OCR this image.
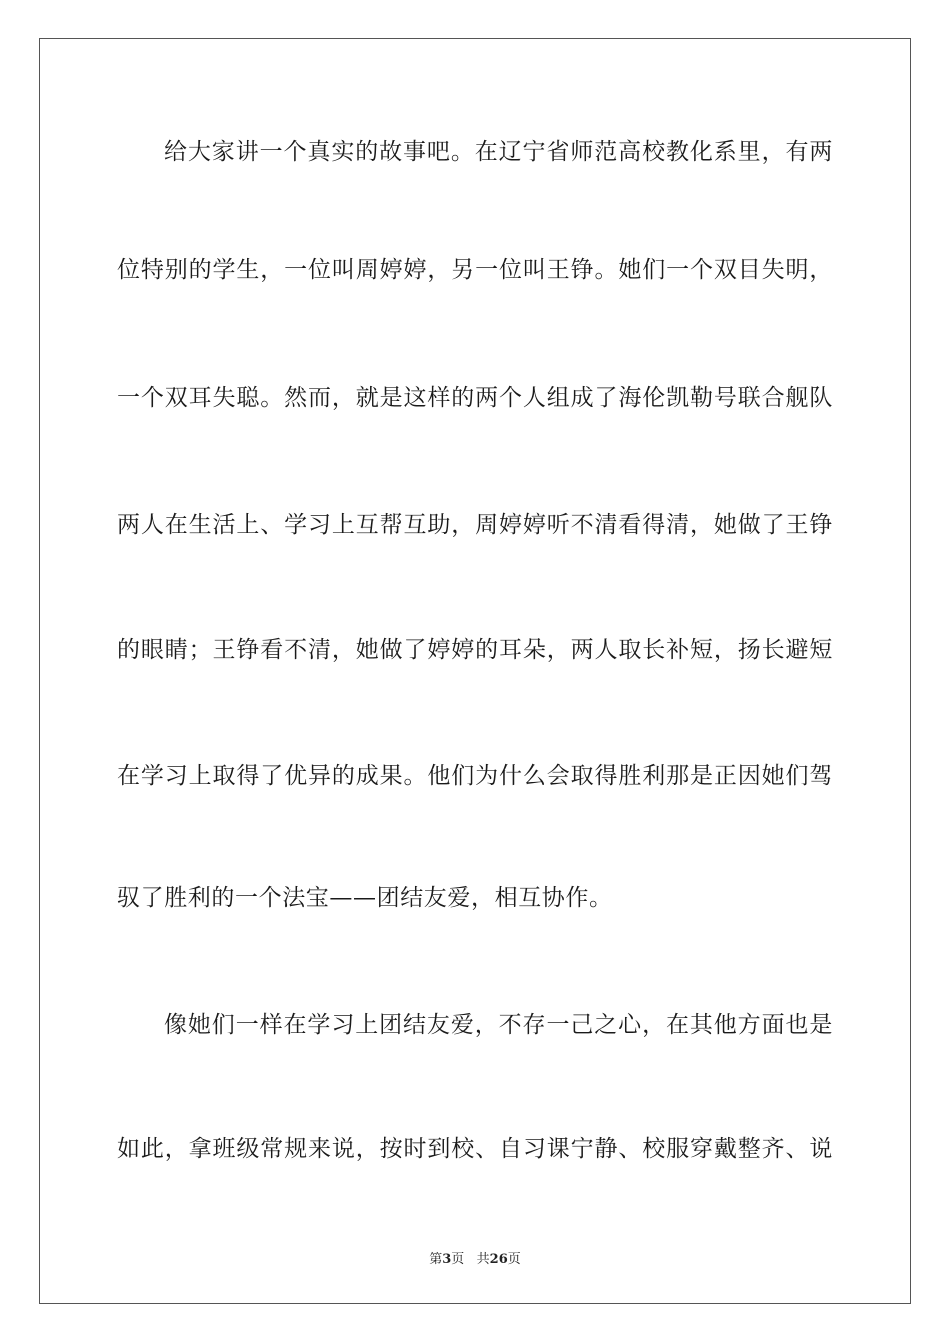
给大家讲一个真实的故事吧。在辽宁省师范高校教化系里，有两
位特别的学生，一位叫周婷婷，另一位叫王铮。她们一个双目失明，
一个双耳失聪。然而，就是这样的两个人组成了海伦凯勒号联合舰队
两人在生活上、学习上互帮互助，周婷婷听不清看得清，她做了王铮
的眼睛；王铮看不清，她做了婷婷的耳朵，两人取长补短，扬长避短
在学习上取得了优异的成果。他们为什么会取得胜利那是正因她们驾
驭了胜利的一个法宝——团结友爱，相互协作。
像她们一样在学习上团结友爱，不存一己之心，在其他方面也是
如此，拿班级常规来说，按时到校、自习课宁静、校服穿戴整齐、说
第3页   共26页
